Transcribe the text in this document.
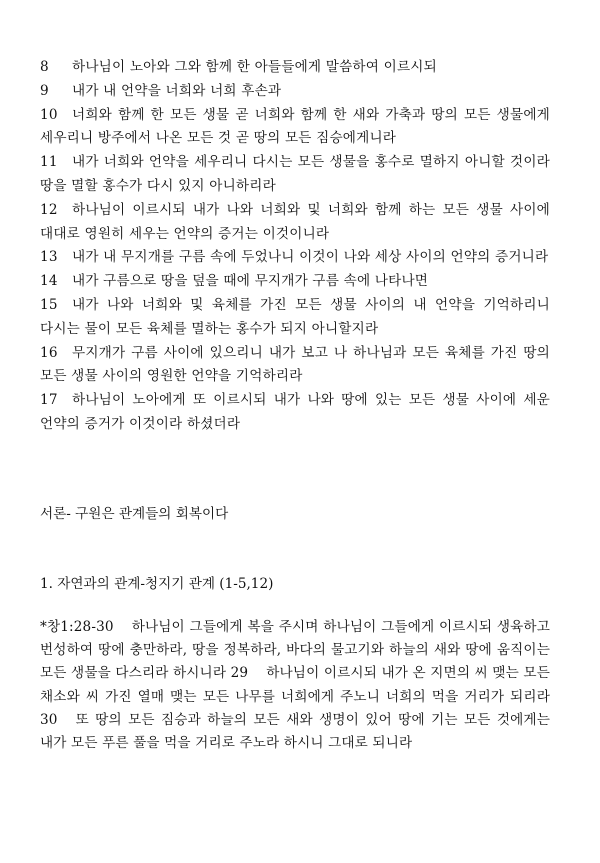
8 하나님이 노아와 그와 함께 한 아들들에게 말씀하여 이르시되

9 내가 내 언약을 너희와 너희 후손과

10 너희와 함께 한 모든 생물 곧 너희와 함께 한 새와 가축과 땅의 모든 생물에게 세우리니 방주에서 나온 모든 것 곧 땅의 모든 짐승에게니라

11 내가 너희와 언약을 세우리니 다시는 모든 생물을 홍수로 멸하지 아니할 것이라 땅을 멸할 홍수가 다시 있지 아니하리라

12 하나님이 이르시되 내가 나와 너희와 및 너희와 함께 하는 모든 생물 사이에 대대로 영원히 세우는 언약의 증거는 이것이니라

13 내가 내 무지개를 구름 속에 두었나니 이것이 나와 세상 사이의 언약의 증거니라

14 내가 구름으로 땅을 덮을 때에 무지개가 구름 속에 나타나면

15 내가 나와 너희와 및 육체를 가진 모든 생물 사이의 내 언약을 기억하리니 다시는 물이 모든 육체를 멸하는 홍수가 되지 아니할지라

16 무지개가 구름 사이에 있으리니 내가 보고 나 하나님과 모든 육체를 가진 땅의 모든 생물 사이의 영원한 언약을 기억하리라

17 하나님이 노아에게 또 이르시되 내가 나와 땅에 있는 모든 생물 사이에 세운 언약의 증거가 이것이라 하셨더라

서론- 구원은 관계들의 회복이다

1. 자연과의 관계-청지기 관계 (1-5,12)

*창1:28-30 하나님이 그들에게 복을 주시며 하나님이 그들에게 이르시되 생육하고 번성하여 땅에 충만하라, 땅을 정복하라, 바다의 물고기와 하늘의 새와 땅에 움직이는 모든 생물을 다스리라 하시니라 29 하나님이 이르시되 내가 온 지면의 씨 맺는 모든 채소와 씨 가진 열매 맺는 모든 나무를 너희에게 주노니 너희의 먹을 거리가 되리라 30 또 땅의 모든 짐승과 하늘의 모든 새와 생명이 있어 땅에 기는 모든 것에게는 내가 모든 푸른 풀을 먹을 거리로 주노라 하시니 그대로 되니라
